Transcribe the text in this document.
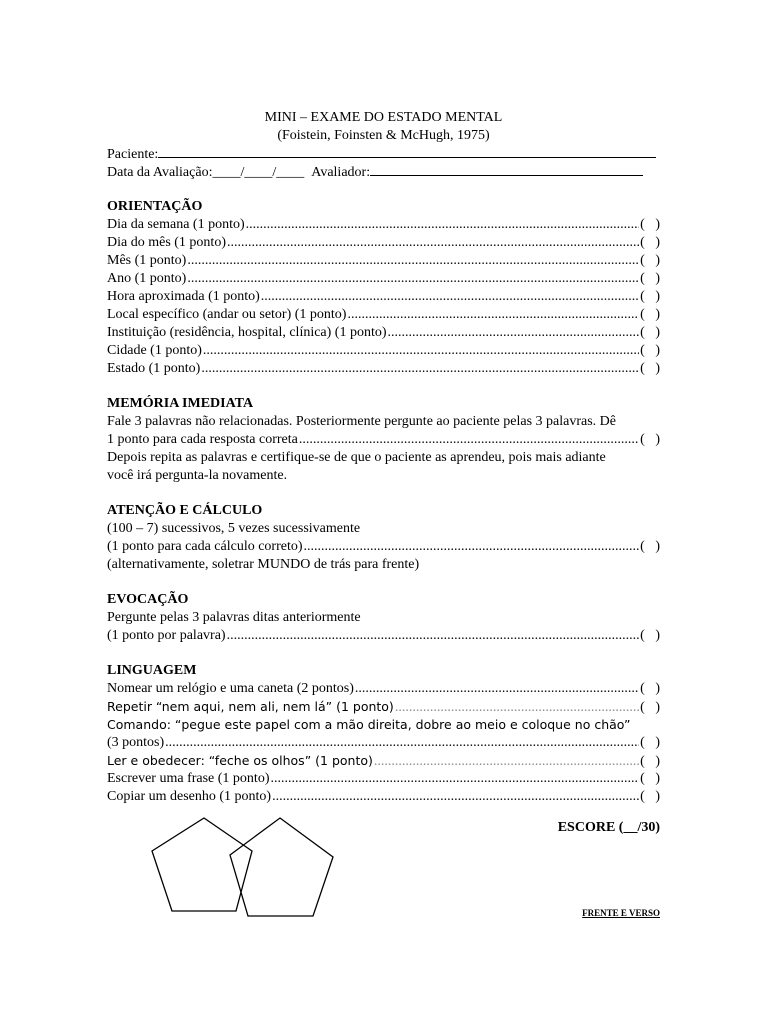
MINI – EXAME DO ESTADO MENTAL
(Foistein, Foinsten & McHugh, 1975)
Paciente:
Data da Avaliação:____/____/____ Avaliador:
ORIENTAÇÃO
Dia da semana (1 ponto) .....	(   )
Dia do mês (1 ponto) .....	(   )
Mês (1 ponto) .....	(   )
Ano (1 ponto) .....	(   )
Hora aproximada (1 ponto) .....	(   )
Local específico (andar ou setor) (1 ponto) .....	(   )
Instituição (residência, hospital, clínica) (1 ponto) .....	(   )
Cidade (1 ponto) .....	(   )
Estado (1 ponto) .....	(   )
MEMÓRIA IMEDIATA
Fale 3 palavras não relacionadas. Posteriormente pergunte ao paciente pelas 3 palavras. Dê
1 ponto para cada resposta correta .....	(   )
Depois repita as palavras e certifique-se de que o paciente as aprendeu, pois mais adiante
você irá pergunta-la novamente.
ATENÇÃO E CÁLCULO
(100 – 7) sucessivos, 5 vezes sucessivamente
(1 ponto para cada cálculo correto) .....	(   )
(alternativamente, soletrar MUNDO de trás para frente)
EVOCAÇÃO
Pergunte pelas 3 palavras ditas anteriormente
(1 ponto por palavra) .....	(   )
LINGUAGEM
Nomear um relógio e uma caneta (2 pontos) .....	(   )
Repetir “nem aqui, nem ali, nem lá” (1 ponto) .....	(   )
Comando: “pegue este papel com a mão direita, dobre ao meio e coloque no chão”
(3 pontos) .....	(   )
Ler e obedecer: “feche os olhos” (1 ponto) .....	(   )
Escrever uma frase (1 ponto) .....	(   )
Copiar um desenho (1 ponto) .....	(   )
ESCORE (__/30)
FRENTE E VERSO
